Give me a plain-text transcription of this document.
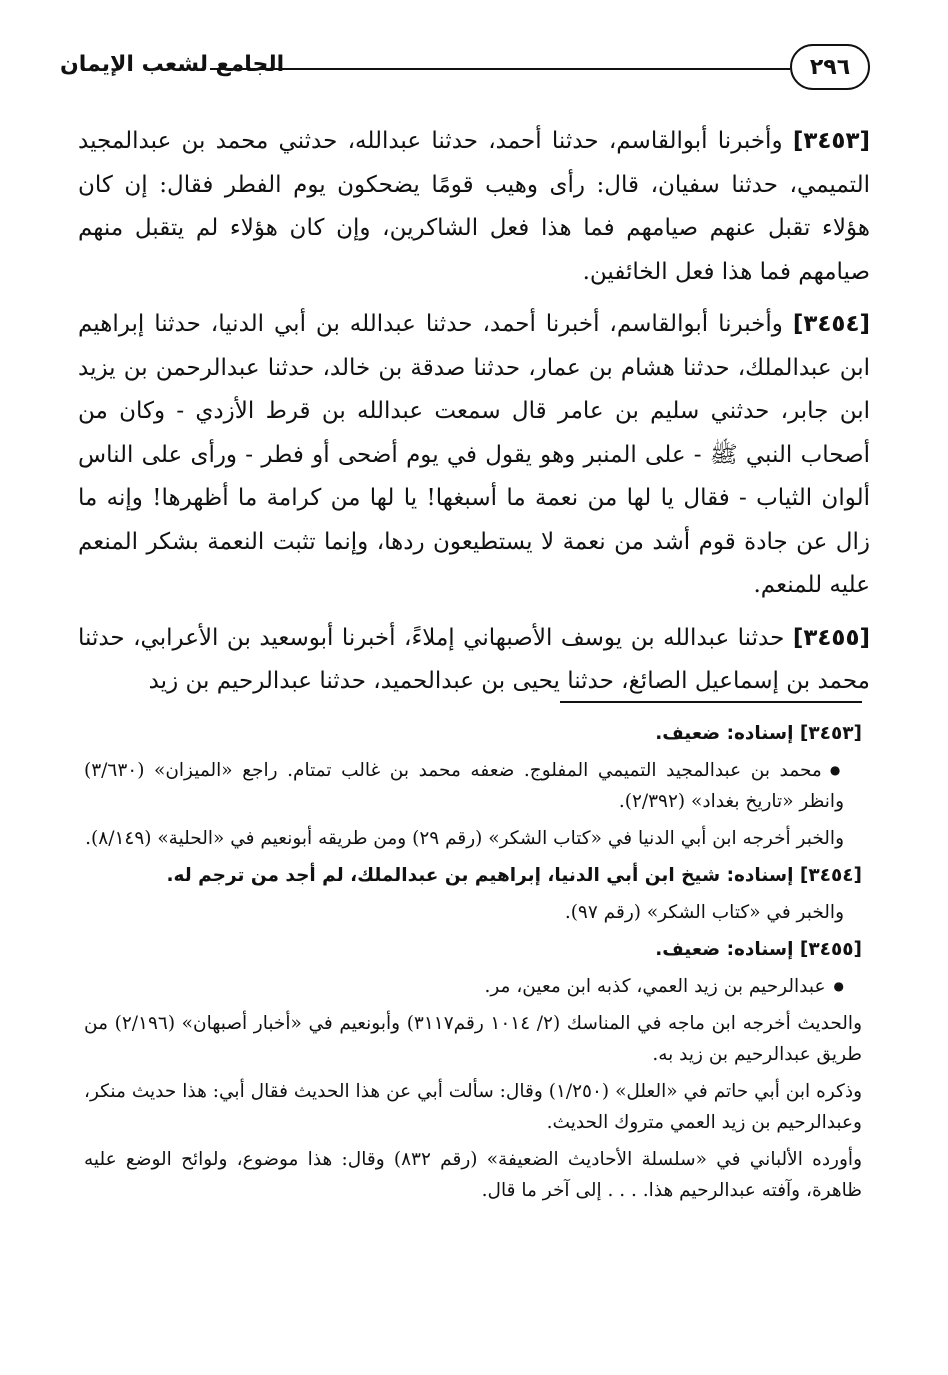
٢٩٦
الجامع لشعب الإيمان

[٣٤٥٣] وأخبرنا أبوالقاسم، حدثنا أحمد، حدثنا عبدالله، حدثني محمد بن عبدالمجيد التميمي، حدثنا سفيان، قال: رأى وهيب قومًا يضحكون يوم الفطر فقال: إن كان هؤلاء تقبل عنهم صيامهم فما هذا فعل الشاكرين، وإن كان هؤلاء لم يتقبل منهم صيامهم فما هذا فعل الخائفين.

[٣٤٥٤] وأخبرنا أبوالقاسم، أخبرنا أحمد، حدثنا عبدالله بن أبي الدنيا، حدثنا إبراهيم ابن عبدالملك، حدثنا هشام بن عمار، حدثنا صدقة بن خالد، حدثنا عبدالرحمن بن يزيد ابن جابر، حدثني سليم بن عامر قال سمعت عبدالله بن قرط الأزدي - وكان من أصحاب النبي ﷺ - على المنبر وهو يقول في يوم أضحى أو فطر - ورأى على الناس ألوان الثياب - فقال يا لها من نعمة ما أسبغها! يا لها من كرامة ما أظهرها! وإنه ما زال عن جادة قوم أشد من نعمة لا يستطيعون ردها، وإنما تثبت النعمة بشكر المنعم عليه للمنعم.

[٣٤٥٥] حدثنا عبدالله بن يوسف الأصبهاني إملاءً، أخبرنا أبوسعيد بن الأعرابي، حدثنا محمد بن إسماعيل الصائغ، حدثنا يحيى بن عبدالحميد، حدثنا عبدالرحيم بن زيد

[٣٤٥٣] إسناده: ضعيف.

● محمد بن عبدالمجيد التميمي المفلوج. ضعفه محمد بن غالب تمتام. راجع «الميزان» (٣/٦٣٠) وانظر «تاريخ بغداد» (٢/٣٩٢).

والخبر أخرجه ابن أبي الدنيا في «كتاب الشكر» (رقم ٢٩) ومن طريقه أبونعيم في «الحلية» (٨/١٤٩).

[٣٤٥٤] إسناده: شيخ ابن أبي الدنيا، إبراهيم بن عبدالملك، لم أجد من ترجم له.

والخبر في «كتاب الشكر» (رقم ٩٧).

[٣٤٥٥] إسناده: ضعيف.

● عبدالرحيم بن زيد العمي، كذبه ابن معين، مر.

والحديث أخرجه ابن ماجه في المناسك (٢/ ١٠١٤ رقم٣١١٧) وأبونعيم في «أخبار أصبهان» (٢/١٩٦) من طريق عبدالرحيم بن زيد به.

وذكره ابن أبي حاتم في «العلل» (١/٢٥٠) وقال: سألت أبي عن هذا الحديث فقال أبي: هذا حديث منكر، وعبدالرحيم بن زيد العمي متروك الحديث.

وأورده الألباني في «سلسلة الأحاديث الضعيفة» (رقم ٨٣٢) وقال: هذا موضوع، ولوائح الوضع عليه ظاهرة، وآفته عبدالرحيم هذا. . . . إلى آخر ما قال.
